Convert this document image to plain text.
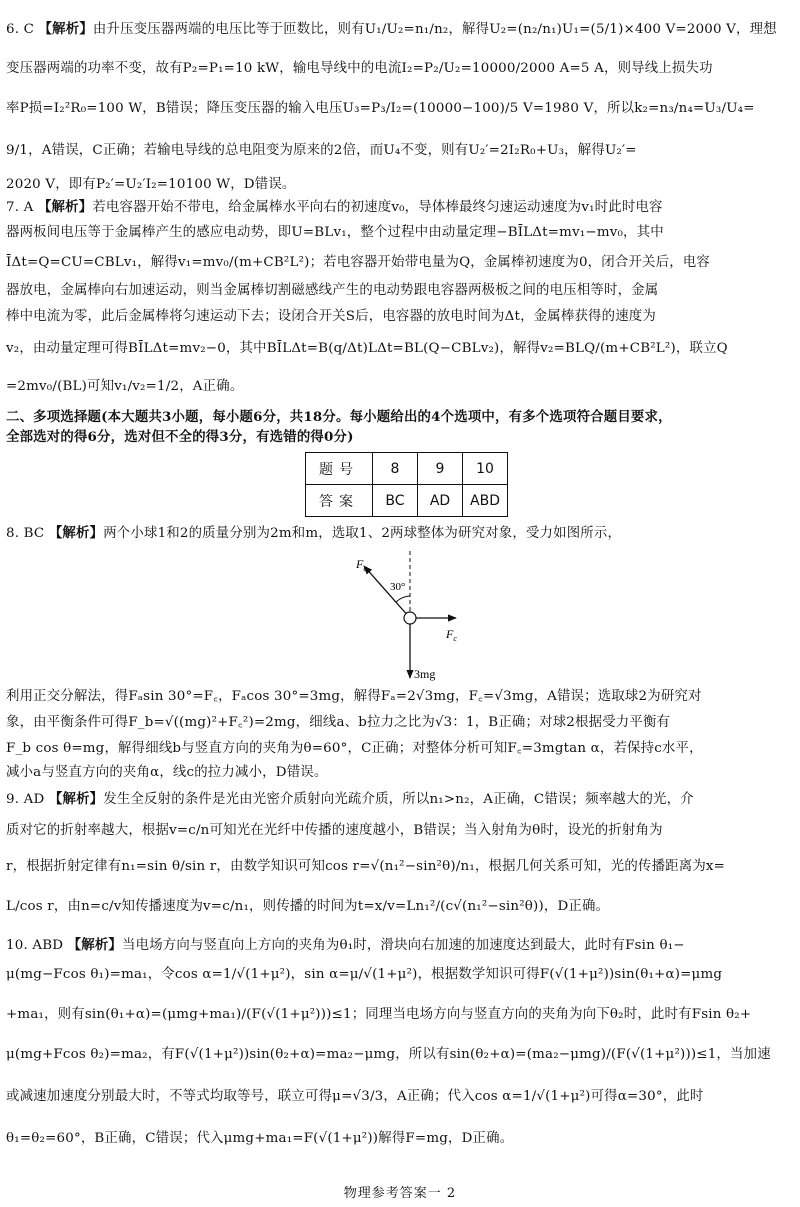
6. C 【解析】由升压变压器两端的电压比等于匝数比，则有U₁/U₂=n₁/n₂，解得U₂=(n₂/n₁)U₁=(5/1)×400 V=2000 V，理想
变压器两端的功率不变，故有P₂=P₁=10 kW，输电导线中的电流I₂=P₂/U₂=10000/2000 A=5 A，则导线上损失功
率P损=I₂²R₀=100 W，B错误；降压变压器的输入电压U₃=P₃/I₂=(10000−100)/5 V=1980 V，所以k₂=n₃/n₄=U₃/U₄=
9/1，A错误，C正确；若输电导线的总电阻变为原来的2倍，而U₄不变，则有U₂′=2I₂R₀+U₃，解得U₂′=
2020 V，即有P₂′=U₂′I₂=10100 W，D错误。
7. A 【解析】若电容器开始不带电，给金属棒水平向右的初速度v₀，导体棒最终匀速运动速度为v₁时此时电容
器两板间电压等于金属棒产生的感应电动势，即U=BLv₁，整个过程中由动量定理−BĪLΔt=mv₁−mv₀，其中
ĪΔt=Q=CU=CBLv₁，解得v₁=mv₀/(m+CB²L²)；若电容器开始带电量为Q，金属棒初速度为0，闭合开关后，电容
器放电，金属棒向右加速运动，则当金属棒切割磁感线产生的电动势跟电容器两极板之间的电压相等时，金属
棒中电流为零，此后金属棒将匀速运动下去；设闭合开关S后，电容器的放电时间为Δt，金属棒获得的速度为
v₂，由动量定理可得BĪLΔt=mv₂−0，其中BĪLΔt=B(q/Δt)LΔt=BL(Q−CBLv₂)，解得v₂=BLQ/(m+CB²L²)，联立Q
=2mv₀/(BL)可知v₁/v₂=1/2，A正确。
二、多项选择题(本大题共3小题，每小题6分，共18分。每小题给出的4个选项中，有多个选项符合题目要求，
全部选对的得6分，选对但不全的得3分，有选错的得0分)
题号	8	9	10
答案	BC	AD	ABD
8. BC 【解析】两个小球1和2的质量分别为2m和m，选取1、2两球整体为研究对象，受力如图所示，
$F_a$
30°
$F_c$
3mg
利用正交分解法，得Fₐsin 30°=F꜀，Fₐcos 30°=3mg，解得Fₐ=2√3mg，F꜀=√3mg，A错误；选取球2为研究对
象，由平衡条件可得F_b=√((mg)²+F꜀²)=2mg，细线a、b拉力之比为√3：1，B正确；对球2根据受力平衡有
F_b cos θ=mg，解得细线b与竖直方向的夹角为θ=60°，C正确；对整体分析可知F꜀=3mgtan α，若保持c水平，
减小a与竖直方向的夹角α，线c的拉力减小，D错误。
9. AD 【解析】发生全反射的条件是光由光密介质射向光疏介质，所以n₁>n₂，A正确，C错误；频率越大的光，介
质对它的折射率越大，根据v=c/n可知光在光纤中传播的速度越小，B错误；当入射角为θ时，设光的折射角为
r，根据折射定律有n₁=sin θ/sin r，由数学知识可知cos r=√(n₁²−sin²θ)/n₁，根据几何关系可知，光的传播距离为x=
L/cos r，由n=c/v知传播速度为v=c/n₁，则传播的时间为t=x/v=Ln₁²/(c√(n₁²−sin²θ))，D正确。
10. ABD 【解析】当电场方向与竖直向上方向的夹角为θ₁时，滑块向右加速的加速度达到最大，此时有Fsin θ₁−
μ(mg−Fcos θ₁)=ma₁，令cos α=1/√(1+μ²)，sin α=μ/√(1+μ²)，根据数学知识可得F(√(1+μ²))sin(θ₁+α)=μmg
+ma₁，则有sin(θ₁+α)=(μmg+ma₁)/(F(√(1+μ²)))≤1；同理当电场方向与竖直方向的夹角为向下θ₂时，此时有Fsin θ₂+
μ(mg+Fcos θ₂)=ma₂，有F(√(1+μ²))sin(θ₂+α)=ma₂−μmg，所以有sin(θ₂+α)=(ma₂−μmg)/(F(√(1+μ²)))≤1，当加速
或减速加速度分别最大时，不等式均取等号，联立可得μ=√3/3，A正确；代入cos α=1/√(1+μ²)可得α=30°，此时
θ₁=θ₂=60°，B正确，C错误；代入μmg+ma₁=F(√(1+μ²))解得F=mg，D正确。
物理参考答案一 2
